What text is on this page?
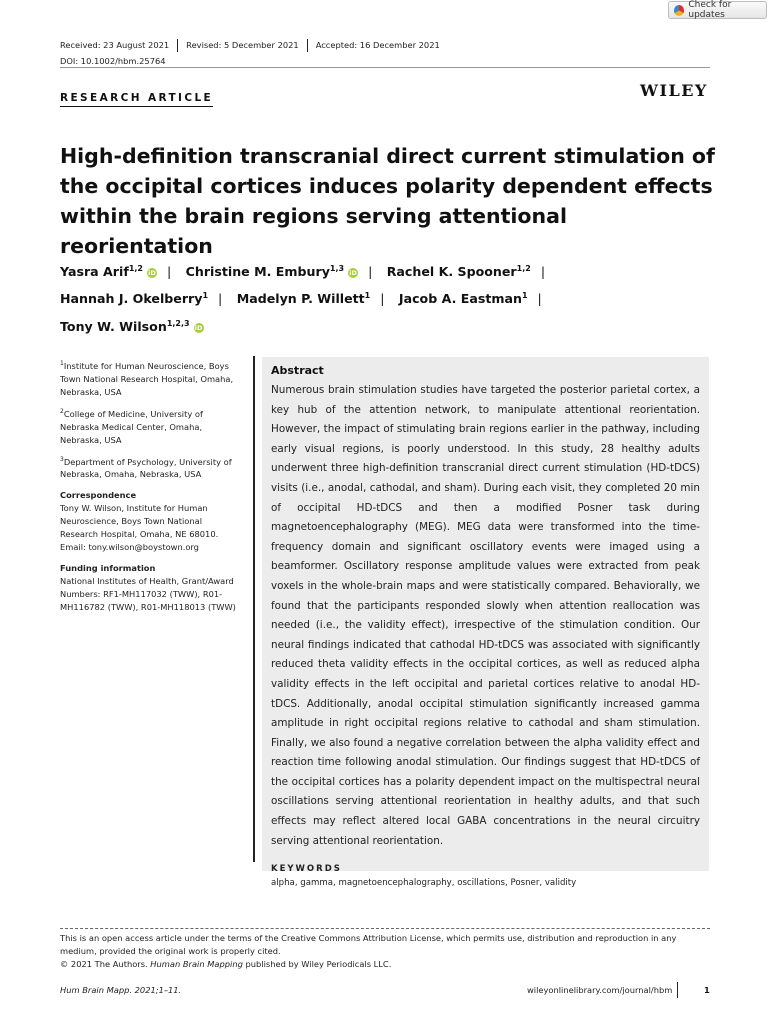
Check for updates
Received: 23 August 2021	Revised: 5 December 2021	Accepted: 16 December 2021
DOI: 10.1002/hbm.25764
RESEARCH ARTICLE	WILEY
High-definition transcranial direct current stimulation of the occipital cortices induces polarity dependent effects within the brain regions serving attentional reorientation
Yasra Arif$^{1,2}$iD | Christine M. Embury$^{1,3}$iD | Rachel K. Spooner$^{1,2}$ |
Hannah J. Okelberry$^1$ | Madelyn P. Willett$^1$ | Jacob A. Eastman$^1$ |
Tony W. Wilson$^{1,2,3}$iD

$^1$Institute for Human Neuroscience, Boys Town National Research Hospital, Omaha, Nebraska, USA

$^2$College of Medicine, University of Nebraska Medical Center, Omaha, Nebraska, USA

$^3$Department of Psychology, University of Nebraska, Omaha, Nebraska, USA

Correspondence

Tony W. Wilson, Institute for Human Neuroscience, Boys Town National Research Hospital, Omaha, NE 68010.

Email: tony.wilson@boystown.org

Funding information

National Institutes of Health, Grant/Award Numbers: RF1-MH117032 (TWW), R01-MH116782 (TWW), R01-MH118013 (TWW)

Abstract
Numerous brain stimulation studies have targeted the posterior parietal cortex, a key hub of the attention network, to manipulate attentional reorientation. However, the impact of stimulating brain regions earlier in the pathway, including early visual regions, is poorly understood. In this study, 28 healthy adults underwent three high-definition transcranial direct current stimulation (HD-tDCS) visits (i.e., anodal, cathodal, and sham). During each visit, they completed 20 min of occipital HD-tDCS and then a modified Posner task during magnetoencephalography (MEG). MEG data were transformed into the time-frequency domain and significant oscillatory events were imaged using a beamformer. Oscillatory response amplitude values were extracted from peak voxels in the whole-brain maps and were statistically compared. Behaviorally, we found that the participants responded slowly when attention reallocation was needed (i.e., the validity effect), irrespective of the stimulation condition. Our neural findings indicated that cathodal HD-tDCS was associated with significantly reduced theta validity effects in the occipital cortices, as well as reduced alpha validity effects in the left occipital and parietal cortices relative to anodal HD-tDCS. Additionally, anodal occipital stimulation significantly increased gamma amplitude in right occipital regions relative to cathodal and sham stimulation. Finally, we also found a negative correlation between the alpha validity effect and reaction time following anodal stimulation. Our findings suggest that HD-tDCS of the occipital cortices has a polarity dependent impact on the multispectral neural oscillations serving attentional reorientation in healthy adults, and that such effects may reflect altered local GABA concentrations in the neural circuitry serving attentional reorientation.
KEYWORDS
alpha, gamma, magnetoencephalography, oscillations, Posner, validity
This is an open access article under the terms of the Creative Commons Attribution License, which permits use, distribution and reproduction in any medium, provided the original work is properly cited.
© 2021 The Authors. Human Brain Mapping published by Wiley Periodicals LLC.
Hum Brain Mapp. 2021;1–11.	wileyonlinelibrary.com/journal/hbm	1
